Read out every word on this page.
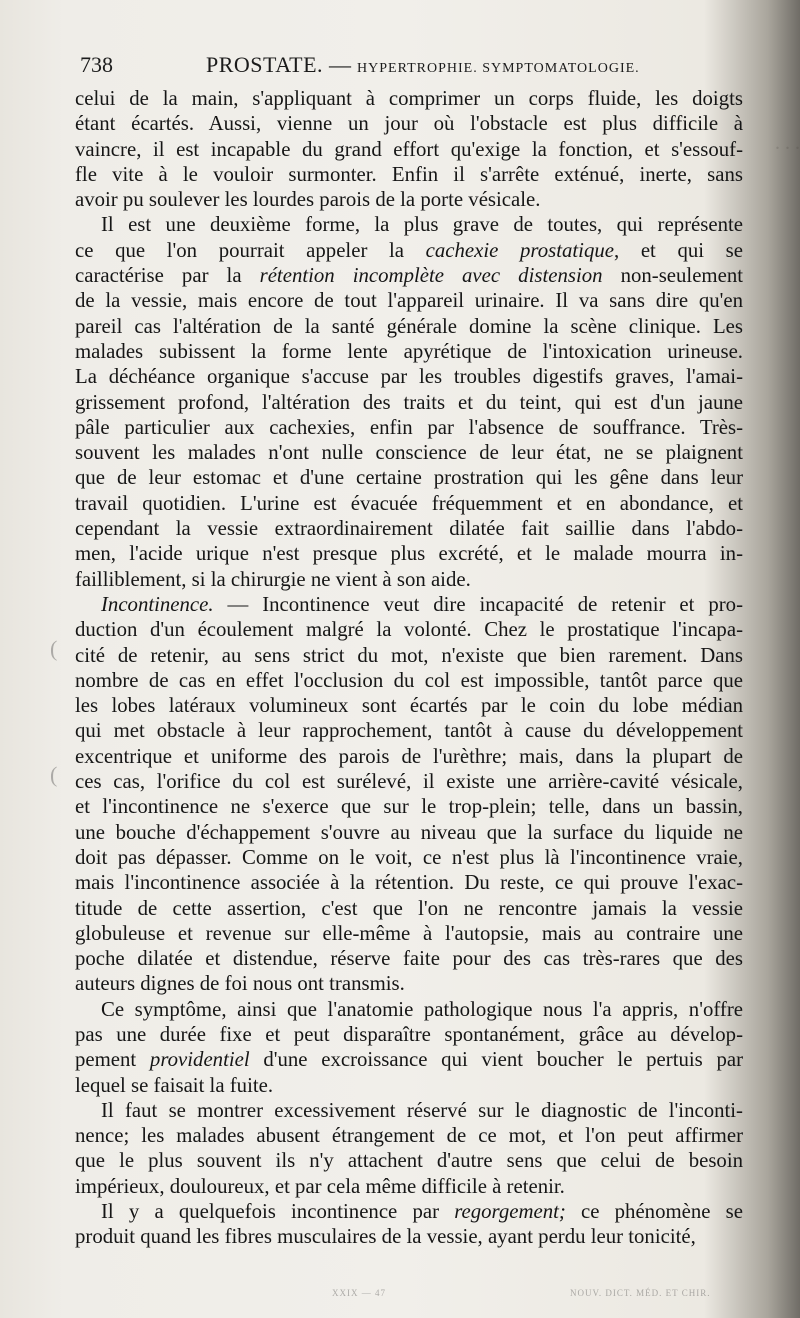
. . .
738	PROSTATE. — HYPERTROPHIE. SYMPTOMATOLOGIE.
celui de la main, s'appliquant à comprimer un corps fluide, les doigts
étant écartés. Aussi, vienne un jour où l'obstacle est plus difficile à
vaincre, il est incapable du grand effort qu'exige la fonction, et s'essouf-
fle vite à le vouloir surmonter. Enfin il s'arrête exténué, inerte, sans
avoir pu soulever les lourdes parois de la porte vésicale.
Il est une deuxième forme, la plus grave de toutes, qui représente
ce que l'on pourrait appeler la cachexie prostatique, et qui se
caractérise par la rétention incomplète avec distension non-seulement
de la vessie, mais encore de tout l'appareil urinaire. Il va sans dire qu'en
pareil cas l'altération de la santé générale domine la scène clinique. Les
malades subissent la forme lente apyrétique de l'intoxication urineuse.
La déchéance organique s'accuse par les troubles digestifs graves, l'amai-
grissement profond, l'altération des traits et du teint, qui est d'un jaune
pâle particulier aux cachexies, enfin par l'absence de souffrance. Très-
souvent les malades n'ont nulle conscience de leur état, ne se plaignent
que de leur estomac et d'une certaine prostration qui les gêne dans leur
travail quotidien. L'urine est évacuée fréquemment et en abondance, et
cependant la vessie extraordinairement dilatée fait saillie dans l'abdo-
men, l'acide urique n'est presque plus excrété, et le malade mourra in-
failliblement, si la chirurgie ne vient à son aide.
Incontinence. — Incontinence veut dire incapacité de retenir et pro-
duction d'un écoulement malgré la volonté. Chez le prostatique l'incapa-
cité de retenir, au sens strict du mot, n'existe que bien rarement. Dans
nombre de cas en effet l'occlusion du col est impossible, tantôt parce que
les lobes latéraux volumineux sont écartés par le coin du lobe médian
qui met obstacle à leur rapprochement, tantôt à cause du développement
excentrique et uniforme des parois de l'urèthre; mais, dans la plupart de
ces cas, l'orifice du col est surélevé, il existe une arrière-cavité vésicale,
et l'incontinence ne s'exerce que sur le trop-plein; telle, dans un bassin,
une bouche d'échappement s'ouvre au niveau que la surface du liquide ne
doit pas dépasser. Comme on le voit, ce n'est plus là l'incontinence vraie,
mais l'incontinence associée à la rétention. Du reste, ce qui prouve l'exac-
titude de cette assertion, c'est que l'on ne rencontre jamais la vessie
globuleuse et revenue sur elle-même à l'autopsie, mais au contraire une
poche dilatée et distendue, réserve faite pour des cas très-rares que des
auteurs dignes de foi nous ont transmis.
Ce symptôme, ainsi que l'anatomie pathologique nous l'a appris, n'offre
pas une durée fixe et peut disparaître spontanément, grâce au dévelop-
pement providentiel d'une excroissance qui vient boucher le pertuis par
lequel se faisait la fuite.
Il faut se montrer excessivement réservé sur le diagnostic de l'inconti-
nence; les malades abusent étrangement de ce mot, et l'on peut affirmer
que le plus souvent ils n'y attachent d'autre sens que celui de besoin
impérieux, douloureux, et par cela même difficile à retenir.
Il y a quelquefois incontinence par regorgement; ce phénomène se
produit quand les fibres musculaires de la vessie, ayant perdu leur tonicité,
(
(
NOUV. DICT. MÉD. ET CHIR.
XXIX — 47
